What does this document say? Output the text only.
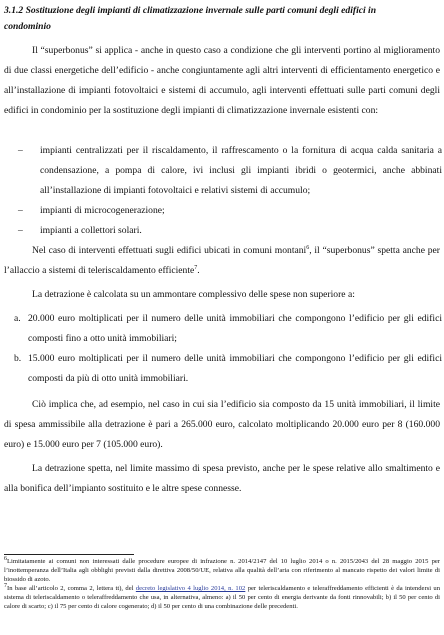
3.1.2 Sostituzione degli impianti di climatizzazione invernale sulle parti comuni degli edifici in
condominio
Il “superbonus” si applica - anche in questo caso a condizione che gli interventi portino al miglioramento di due classi energetiche dell’edificio - anche congiuntamente agli altri interventi di efficientamento energetico e all’installazione di impianti fotovoltaici e sistemi di accumulo, agli interventi effettuati sulle parti comuni degli edifici in condominio per la sostituzione degli impianti di climatizzazione invernale esistenti con:
– impianti centralizzati per il riscaldamento, il raffrescamento o la fornitura di acqua calda sanitaria a condensazione, a pompa di calore, ivi inclusi gli impianti ibridi o geotermici, anche abbinati all’installazione di impianti fotovoltaici e relativi sistemi di accumulo;
– impianti di microcogenerazione;
– impianti a collettori solari.
Nel caso di interventi effettuati sugli edifici ubicati in comuni montani$^6$, il “superbonus” spetta anche per l’allaccio a sistemi di teleriscaldamento efficiente$^7$.
La detrazione è calcolata su un ammontare complessivo delle spese non superiore a:
a. 20.000 euro moltiplicati per il numero delle unità immobiliari che compongono l’edificio per gli edifici composti fino a otto unità immobiliari;
b. 15.000 euro moltiplicati per il numero delle unità immobiliari che compongono l’edificio per gli edifici composti da più di otto unità immobiliari.
Ciò implica che, ad esempio, nel caso in cui sia l’edificio sia composto da 15 unità immobiliari, il limite di spesa ammissibile alla detrazione è pari a 265.000 euro, calcolato moltiplicando 20.000 euro per 8 (160.000 euro) e 15.000 euro per 7 (105.000 euro).
La detrazione spetta, nel limite massimo di spesa previsto, anche per le spese relative allo smaltimento e alla bonifica dell’impianto sostituito e le altre spese connesse.
$^6$Limitatamente ai comuni non interessati dalle procedure europee di infrazione n. 2014/2147 del 10 luglio 2014 o n. 2015/2043 del 28 maggio 2015 per l’inottemperanza dell’Italia agli obblighi previsti dalla direttiva 2008/50/UE, relativa alla qualità dell’aria con riferimento al mancato rispetto dei valori limite di biossido di azoto.
$^7$In base all’articolo 2, comma 2, lettera tt), del decreto legislativo 4 luglio 2014, n. 102 per teleriscaldamento e teleraffreddamento efficienti è da intendersi un sistema di teleriscaldamento o teleraffreddamento che usa, in alternativa, almeno: a) il 50 per cento di energia derivante da fonti rinnovabili; b) il 50 per cento di calore di scarto; c) il 75 per cento di calore cogenerato; d) il 50 per cento di una combinazione delle precedenti.
